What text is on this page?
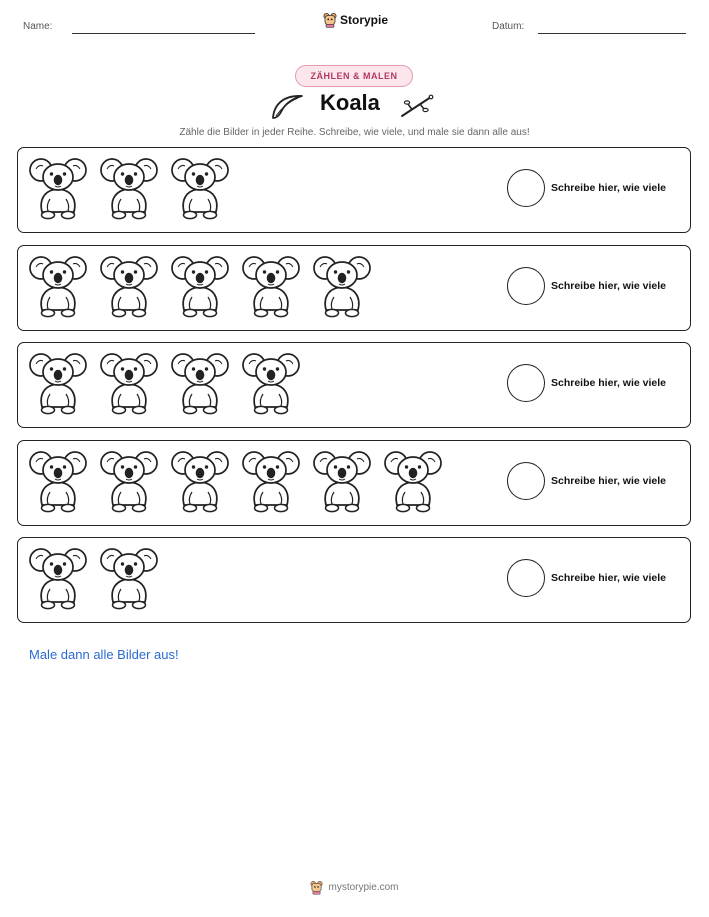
Name:	Storypie	Datum:
ZÄHLEN & MALEN
Koala
Zähle die Bilder in jeder Reihe. Schreibe, wie viele, und male sie dann alle aus!
Schreibe hier, wie viele
Schreibe hier, wie viele
Schreibe hier, wie viele
Schreibe hier, wie viele
Schreibe hier, wie viele
Male dann alle Bilder aus!
mystorypie.com
